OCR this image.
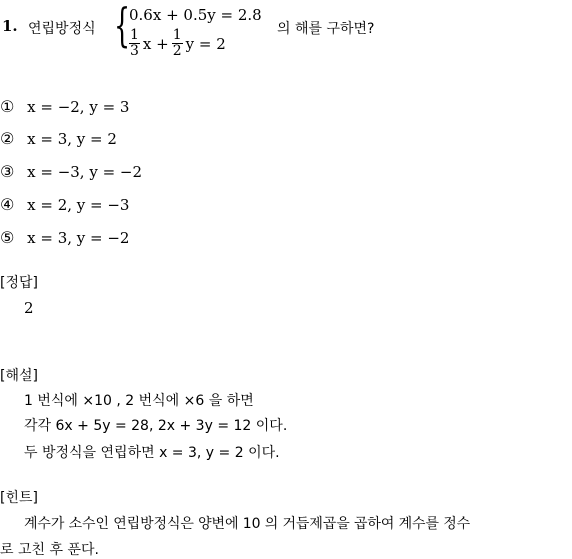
1. 연립방정식 {
0.6x + 0.5y = 2.8
$\frac{1}{3}$ $x + \frac{1}{2}$ y = 2
의 해를 구하면?
① x = −2, y = 3
② x = 3, y = 2
③ x = −3, y = −2
④ x = 2, y = −3
⑤ x = 3, y = −2
[정답]
2
[해설]
1 번식에 ×10 , 2 번식에 ×6 을 하면
각각 6x + 5y = 28, 2x + 3y = 12 이다.
두 방정식을 연립하면 x = 3, y = 2 이다.
[힌트]
계수가 소수인 연립방정식은 양변에 10 의 거듭제곱을 곱하여 계수를 정수
로 고친 후 푼다.
